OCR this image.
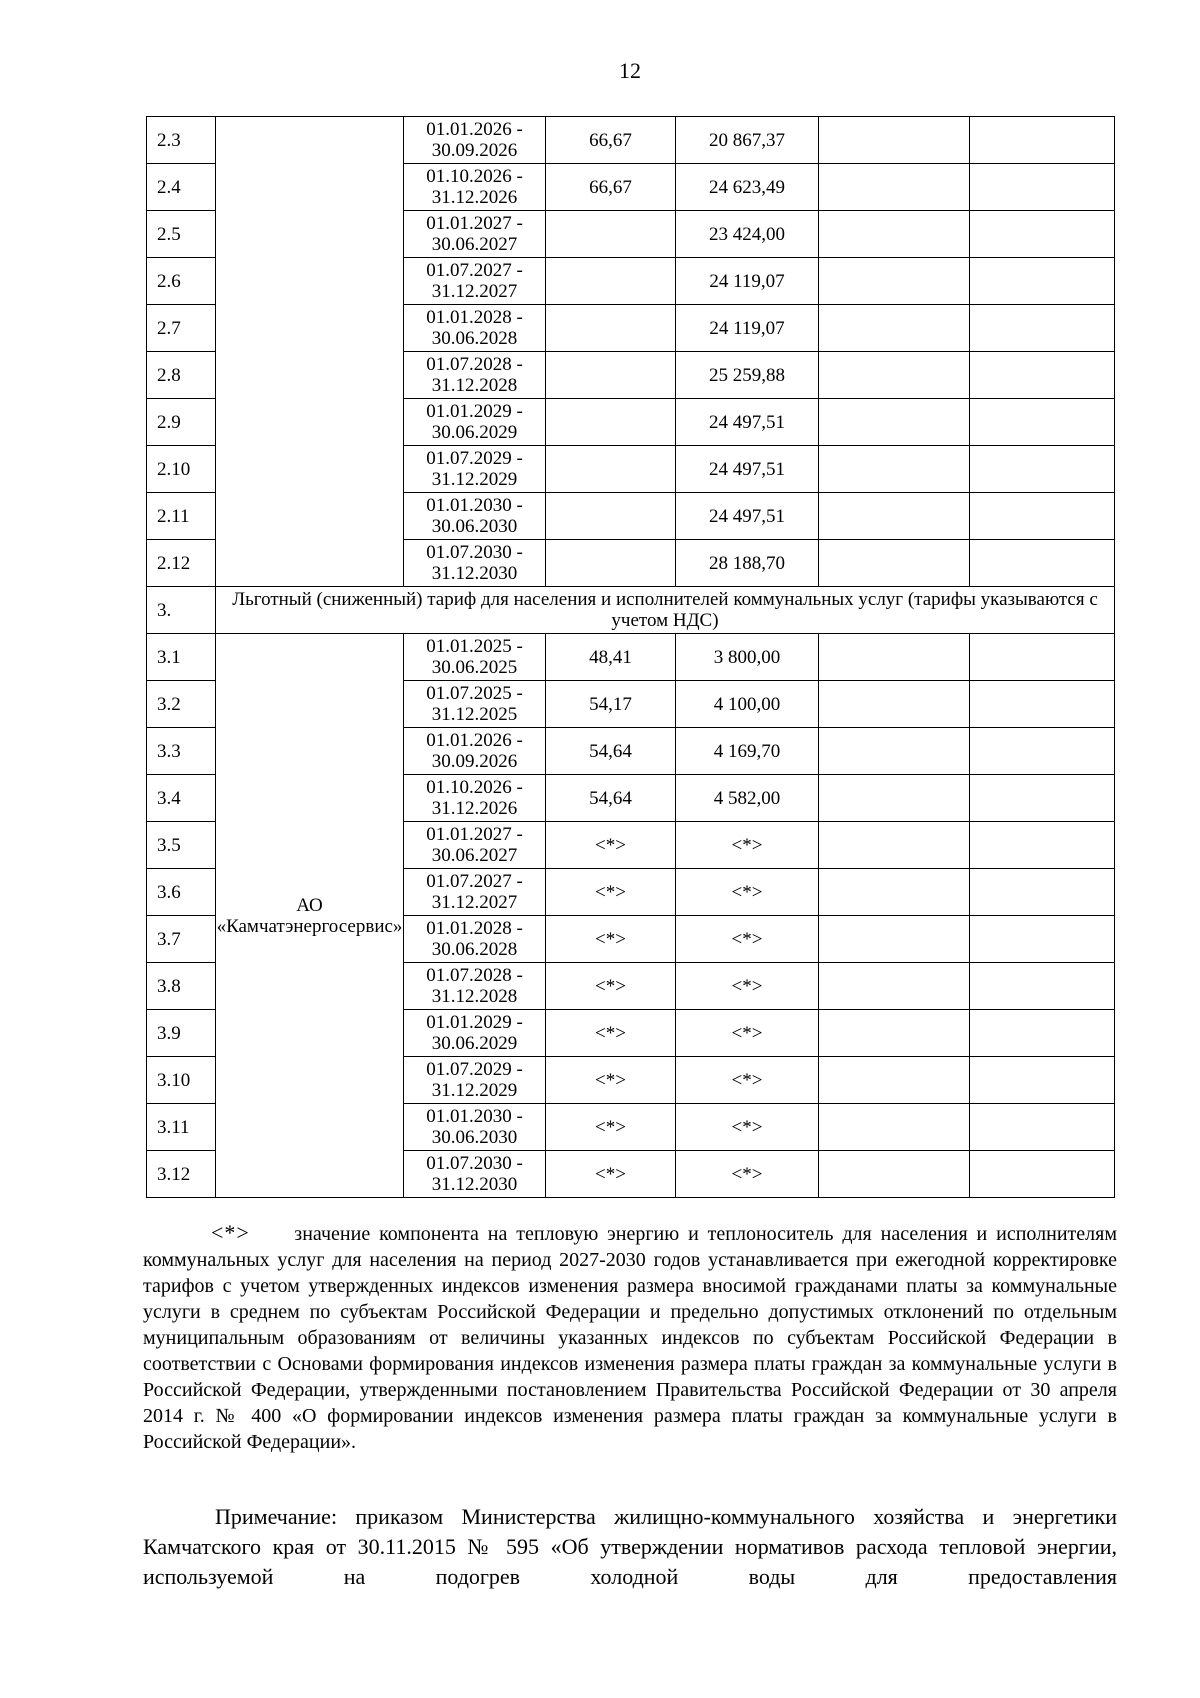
12
2.3		01.01.2026 - 30.09.2026	66,67	20 867,37		
2.4		01.10.2026 - 31.12.2026	66,67	24 623,49		
2.5		01.01.2027 - 30.06.2027		23 424,00		
2.6		01.07.2027 - 31.12.2027		24 119,07		
2.7		01.01.2028 - 30.06.2028		24 119,07		
2.8		01.07.2028 - 31.12.2028		25 259,88		
2.9		01.01.2029 - 30.06.2029		24 497,51		
2.10		01.07.2029 - 31.12.2029		24 497,51		
2.11		01.01.2030 - 30.06.2030		24 497,51		
2.12		01.07.2030 - 31.12.2030		28 188,70		
3.	Льготный (сниженный) тариф для населения и исполнителей коммунальных услуг (тарифы указываются с учетом НДС)					
3.1	АО «Камчатэнергосервис»	01.01.2025 - 30.06.2025	48,41	3 800,00		
3.2		01.07.2025 - 31.12.2025	54,17	4 100,00		
3.3		01.01.2026 - 30.09.2026	54,64	4 169,70		
3.4		01.10.2026 - 31.12.2026	54,64	4 582,00		
3.5		01.01.2027 - 30.06.2027	<*>	<*>		
3.6		01.07.2027 - 31.12.2027	<*>	<*>		
3.7		01.01.2028 - 30.06.2028	<*>	<*>		
3.8		01.07.2028 - 31.12.2028	<*>	<*>		
3.9		01.01.2029 - 30.06.2029	<*>	<*>		
3.10		01.07.2029 - 31.12.2029	<*>	<*>		
3.11		01.01.2030 - 30.06.2030	<*>	<*>		
3.12		01.07.2030 - 31.12.2030	<*>	<*>		

<*> значение компонента на тепловую энергию и теплоноситель для населения и исполнителям коммунальных услуг для населения на период 2027-2030 годов устанавливается при ежегодной корректировке тарифов с учетом утвержденных индексов изменения размера вносимой гражданами платы за коммунальные услуги в среднем по субъектам Российской Федерации и предельно допустимых отклонений по отдельным муниципальным образованиям от величины указанных индексов по субъектам Российской Федерации в соответствии с Основами формирования индексов изменения размера платы граждан за коммунальные услуги в Российской Федерации, утвержденными постановлением Правительства Российской Федерации от 30 апреля 2014 г. № 400 «О формировании индексов изменения размера платы граждан за коммунальные услуги в Российской Федерации».

Примечание: приказом Министерства жилищно-коммунального хозяйства и энергетики Камчатского края от 30.11.2015 № 595 «Об утверждении нормативов расхода тепловой энергии, используемой на подогрев холодной воды для предоставления
